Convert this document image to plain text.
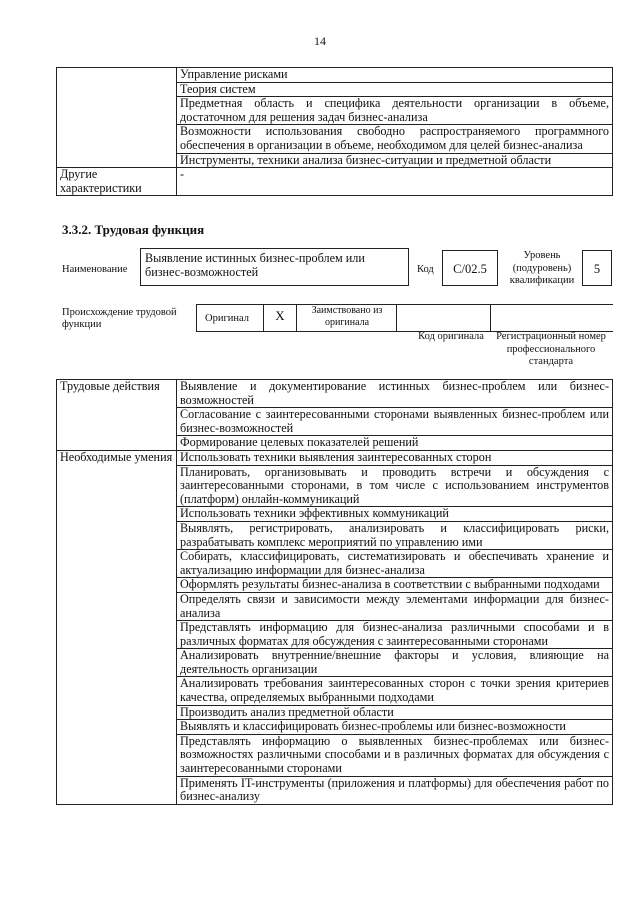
14
	Управление рисками
	Теория систем
	Предметная область и специфика деятельности организации в объеме, достаточном для решения задач бизнес-анализа
	Возможности использования свободно распространяемого программного обеспечения в организации в объеме, необходимом для целей бизнес-анализа
	Инструменты, техники анализа бизнес-ситуации и предметной области
Другие характеристики	-
3.3.2. Трудовая функция
Наименование
Выявление истинных бизнес-проблем или бизнес-возможностей	Код	C/02.5
Уровень (подуровень) квалификации
5
Происхождение трудовой функции
Оригинал	X	Заимствовано из оригинала
Код оригинала	Регистрационный номер профессионального стандарта
Трудовые действия	Выявление и документирование истинных бизнес-проблем или бизнес-возможностей
	Согласование с заинтересованными сторонами выявленных бизнес-проблем или бизнес-возможностей
	Формирование целевых показателей решений
Необходимые умения	Использовать техники выявления заинтересованных сторон
	Планировать, организовывать и проводить встречи и обсуждения с заинтересованными сторонами, в том числе с использованием инструментов (платформ) онлайн-коммуникаций
	Использовать техники эффективных коммуникаций
	Выявлять, регистрировать, анализировать и классифицировать риски, разрабатывать комплекс мероприятий по управлению ими
	Собирать, классифицировать, систематизировать и обеспечивать хранение и актуализацию информации для бизнес-анализа
	Оформлять результаты бизнес-анализа в соответствии с выбранными подходами
	Определять связи и зависимости между элементами информации для бизнес-анализа
	Представлять информацию для бизнес-анализа различными способами и в различных форматах для обсуждения с заинтересованными сторонами
	Анализировать внутренние/внешние факторы и условия, влияющие на деятельность организации
	Анализировать требования заинтересованных сторон с точки зрения критериев качества, определяемых выбранными подходами
	Производить анализ предметной области
	Выявлять и классифицировать бизнес-проблемы или бизнес-возможности
	Представлять информацию о выявленных бизнес-проблемах или бизнес-возможностях различными способами и в различных форматах для обсуждения с заинтересованными сторонами
	Применять IT-инструменты (приложения и платформы) для обеспечения работ по бизнес-анализу
